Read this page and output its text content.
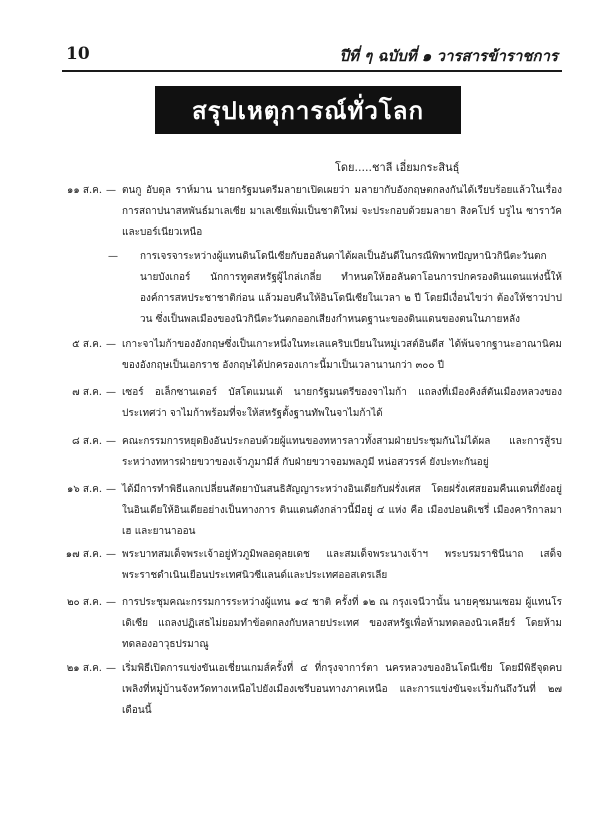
10	ปีที่ ๆ ฉบับที่ ๑ วารสารข้าราชการ
สรุปเหตุการณ์ทั่วโลก
โดย.....ชาลี เอี่ยมกระสินธุ์
๑๑ ส.ค. — ตนกู อับดุล ราห์มาน นายกรัฐมนตรีมลายาเปิดเผยว่า มลายากับอังกฤษตกลงกันได้เรียบร้อยแล้วในเรื่องการสถาปนาสหพันธ์มาเลเซีย มาเลเซียเพิ่มเป็นชาติใหม่ จะประกอบด้วยมลายา สิงคโปร์ บรูไน ซาราวัคและบอร์เนียวเหนือ
— การเจรจาระหว่างผู้แทนดินโดนีเซียกับฮอลันดาได้ผลเป็นอันดีในกรณีพิพาทปัญหานิวกินีตะวันตก นายบังเกอร์ นักการทูตสหรัฐผู้ไกล่เกลี่ย ทำหนดให้ฮอลันดาโอนการปกครองดินแดนแห่งนี้ให้องค์การสหประชาชาติก่อน แล้วมอบคืนให้อินโดนีเซียในเวลา ๒ ปี โดยมีเงื่อนไขว่า ต้องให้ชาวปาปวน ซึ่งเป็นพลเมืองของนิวกินีตะวันตกออกเสียงกำหนดฐานะของดินแดนของตนในภายหลัง
๕ ส.ค. — เกาะจาไมก้าของอังกฤษซึ่งเป็นเกาะหนึ่งในทะเลแคริบเบียนในหมู่เวสต์อินดีส ได้พ้นจากฐานะอาณานิคมของอังกฤษเป็นเอกราช อังกฤษได้ปกครองเกาะนี้มาเป็นเวลานานกว่า ๓๐๐ ปี
๗ ส.ค. — เซอร์ อเล็กซานเดอร์ บัสโตแมนเต้ นายกรัฐมนตรีของจาไมก้า แถลงที่เมืองคิงส์ตันเมืองหลวงของประเทศว่า จาไมก้าพร้อมที่จะให้สหรัฐตั้งฐานทัพในจาไมก้าได้
๘ ส.ค. — คณะกรรมการหยุดยิงอันประกอบด้วยผู้แทนของทหารลาวทั้งสามฝ่ายประชุมกันไม่ได้ผล และการสู้รบระหว่างทหารฝ่ายขวาของเจ้าภูมามีส์ กับฝ่ายขวาจอมพลภูมี หน่อสวรรค์ ยังปะทะกันอยู่
๑๖ ส.ค. — ได้มีการทำพิธีแลกเปลี่ยนสัตยาบันสนธิสัญญาระหว่างอินเดียกับฝรั่งเศส โดยฝรั่งเศสยอมคืนแดนที่ยังอยู่ในอินเดียให้อินเดียอย่างเป็นทางการ ดินแดนดังกล่าวนี้มีอยู่ ๔ แห่ง คือ เมืองปอนดิเชรี่ เมืองคาริกาลมาเฮ และยานาออน
๑๗ ส.ค. — พระบาทสมเด็จพระเจ้าอยู่หัวภูมิพลอดุลยเดช และสมเด็จพระนางเจ้าฯ พระบรมราชินีนาถ เสด็จพระราชดำเนินเยือนประเทศนิวซีแลนด์และประเทศออสเตรเลีย
๒๐ ส.ค. — การประชุมคณะกรรมการระหว่างผู้แทน ๑๔ ชาติ ครั้งที่ ๑๒ ณ กรุงเจนีวานั้น นายคุชมนเซอม ผู้แทนโรเดิเซีย แถลงปฏิเสธไม่ยอมทำข้อตกลงกับหลายประเทศ ของสหรัฐเพื่อห้ามทดลองนิวเคลียร์ โดยห้ามทดลองอาวุธปรมาณู
๒๑ ส.ค. — เริ่มพิธีเปิดการแข่งขันเอเชี่ยนเกมส์ครั้งที่ ๔ ที่กรุงจาการ์ตา นครหลวงของอินโดนีเซีย โดยมีพิธีจุดคบเพลิงที่หมู่บ้านจังหวัดทางเหนือไปยังเมืองเซรีบอนทางภาคเหนือ และการแข่งขันจะเริ่มกันถึงวันที่ ๒๗ เดือนนี้
